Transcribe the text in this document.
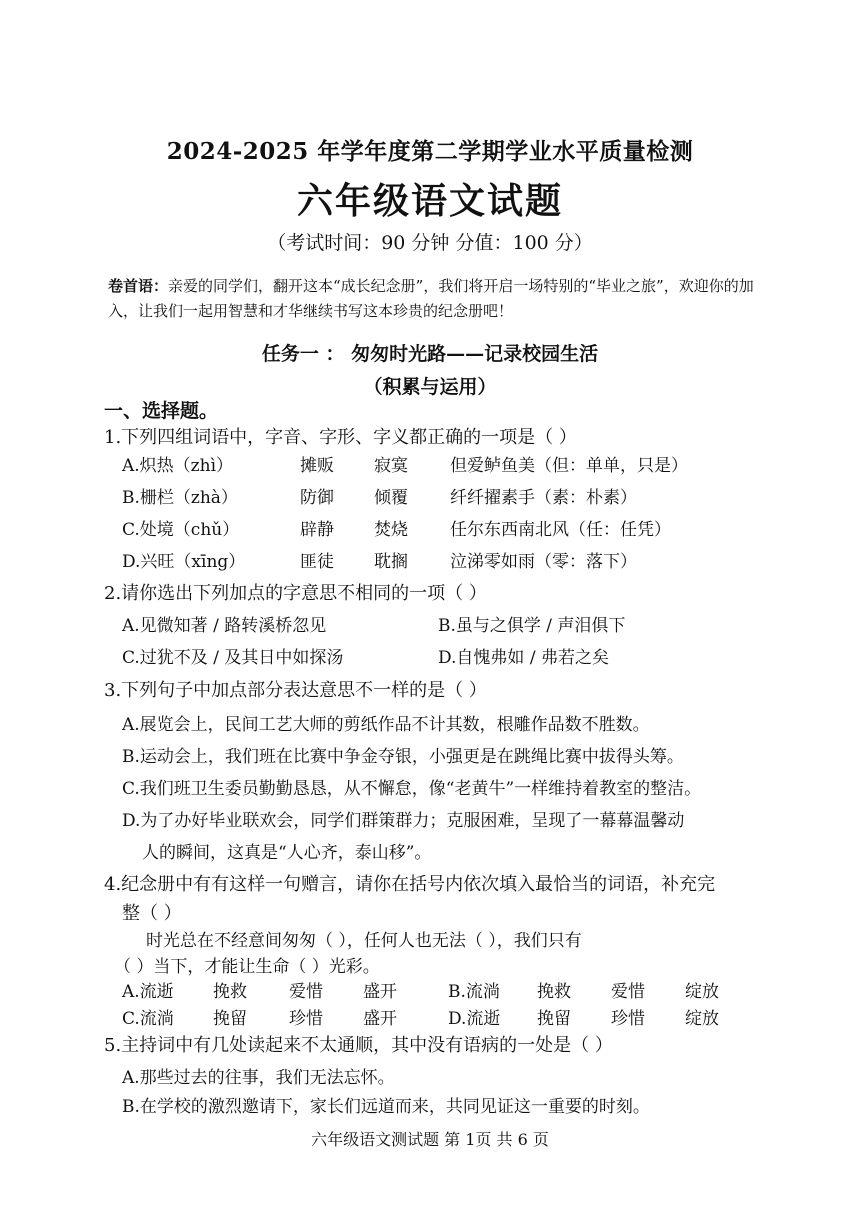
2024-2025 年学年度第二学期学业水平质量检测
六年级语文试题
（考试时间：90 分钟 分值：100 分）
卷首语：亲爱的同学们，翻开这本“成长纪念册”，我们将开启一场特别的“毕业之旅”，欢迎你的加入，让我们一起用智慧和才华继续书写这本珍贵的纪念册吧！
任务一 ： 匆匆时光路——记录校园生活
（积累与运用）
一、选择题。
1.下列四组词语中，字音、字形、字义都正确的一项是（ ）
A.炽热（zhì）	摊贩 寂寞 但爱鲈鱼美（但：单单，只是）
B.栅栏（zhà）	防御 倾覆 纤纤擢素手（素：朴素）
C.处境（chǔ）	辟静 焚烧 任尔东西南北风（任：任凭）
D.兴旺（xīng）	匪徒 耽搁 泣涕零如雨（零：落下）
2.请你选出下列加点的字意思不相同的一项（ ）
A.见微知著 / 路转溪桥忽见	B.虽与之俱学 / 声泪俱下
C.过犹不及 / 及其日中如探汤	D.自愧弗如 / 弗若之矣
3.下列句子中加点部分表达意思不一样的是（ ）
A.展览会上，民间工艺大师的剪纸作品不计其数，根雕作品数不胜数。
B.运动会上，我们班在比赛中争金夺银，小强更是在跳绳比赛中拔得头筹。
C.我们班卫生委员勤勤恳恳，从不懈怠，像“老黄牛”一样维持着教室的整洁。
D.为了办好毕业联欢会，同学们群策群力；克服困难，呈现了一幕幕温馨动
人的瞬间，这真是“人心齐，泰山移”。
4.纪念册中有有这样一句赠言，请你在括号内依次填入最恰当的词语，补充完
整（ ）
时光总在不经意间匆匆（ ），任何人也无法（ ），我们只有
（ ）当下，才能让生命（ ）光彩。
A.流逝 挽救 爱惜 盛开	B.流淌 挽救 爱惜 绽放
C.流淌 挽留 珍惜 盛开	D.流逝 挽留 珍惜 绽放
5.主持词中有几处读起来不太通顺，其中没有语病的一处是（ ）
A.那些过去的往事，我们无法忘怀。
B.在学校的激烈邀请下，家长们远道而来，共同见证这一重要的时刻。
六年级语文测试题 第 1页 共 6 页
